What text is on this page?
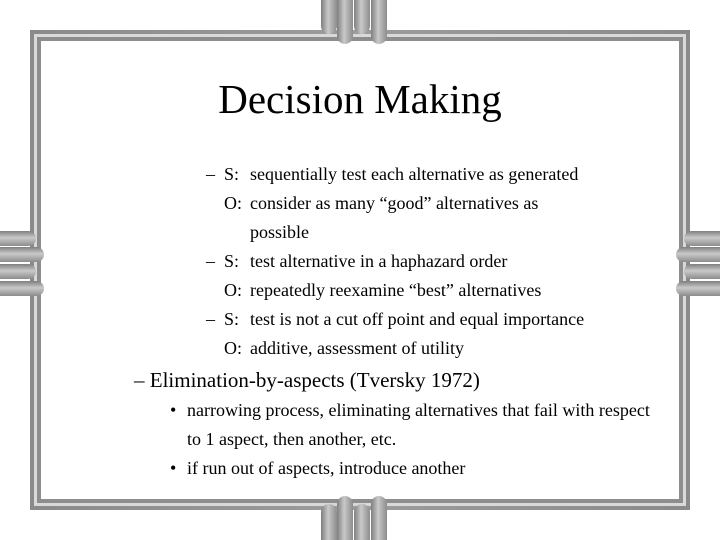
Decision Making
– S: sequentially test each alternative as generated
O: consider as many “good” alternatives as
possible
– S: test alternative in a haphazard order
O: repeatedly reexamine “best” alternatives
– S: test is not a cut off point and equal importance
O: additive, assessment of utility
– Elimination-by-aspects (Tversky 1972)
• narrowing process, eliminating alternatives that fail with respect to 1 aspect, then another, etc.
• if run out of aspects, introduce another
